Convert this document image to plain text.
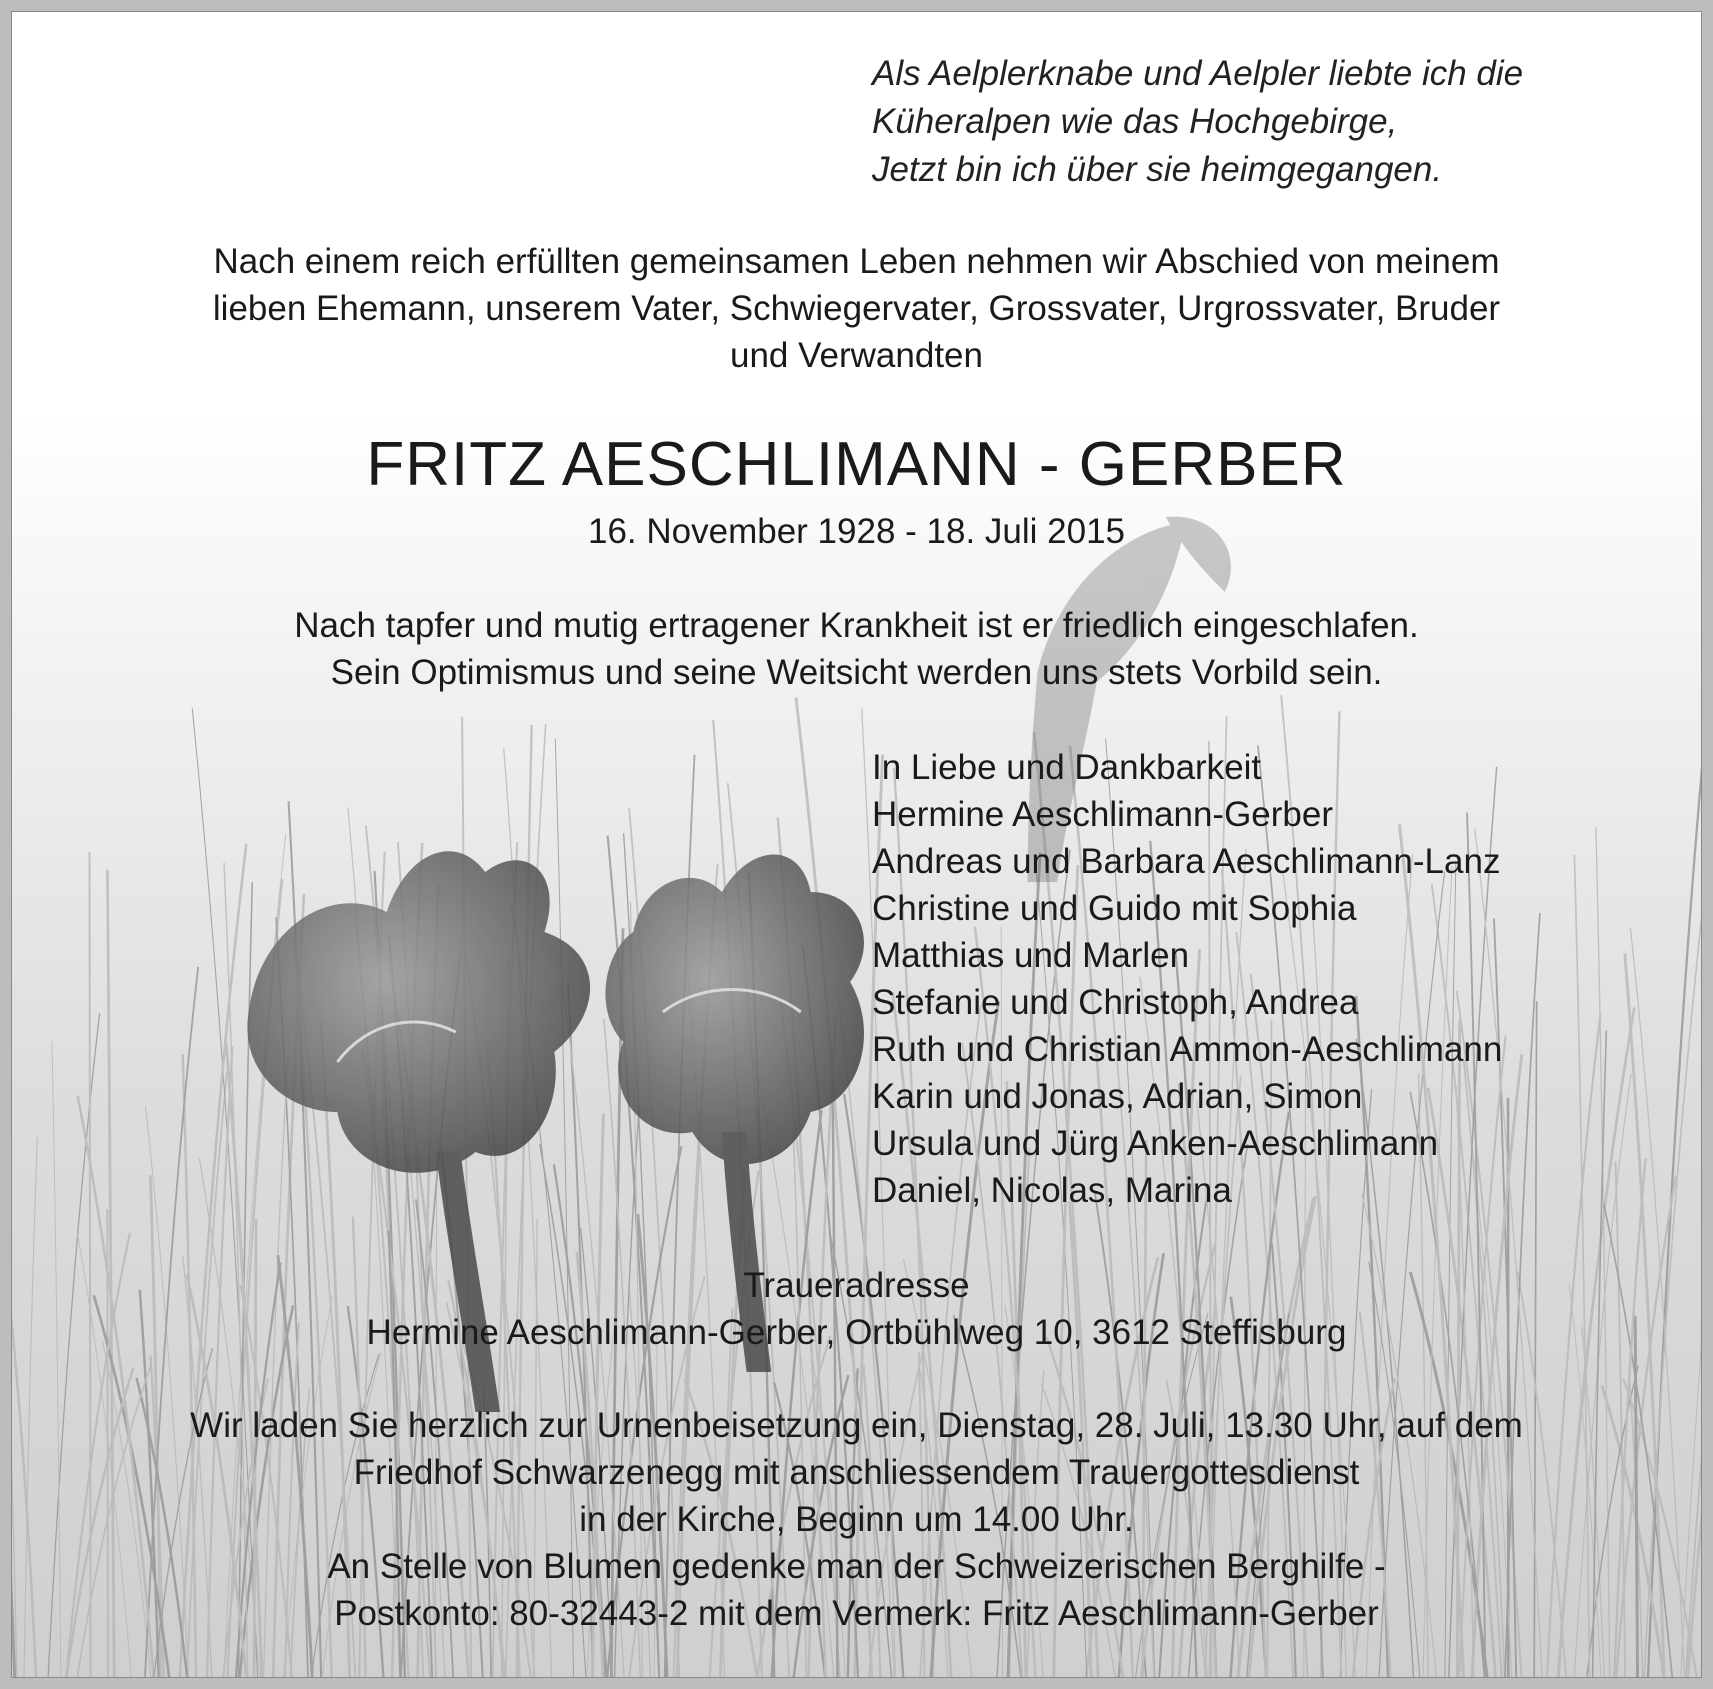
Als Aelplerknabe und Aelpler liebte ich die
Küheralpen wie das Hochgebirge,
Jetzt bin ich über sie heimgegangen.
Nach einem reich erfüllten gemeinsamen Leben nehmen wir Abschied von meinem
lieben Ehemann, unserem Vater, Schwiegervater, Grossvater, Urgrossvater, Bruder
und Verwandten
FRITZ AESCHLIMANN - GERBER
16. November 1928 - 18. Juli 2015
Nach tapfer und mutig ertragener Krankheit ist er friedlich eingeschlafen.
Sein Optimismus und seine Weitsicht werden uns stets Vorbild sein.
In Liebe und Dankbarkeit
Hermine Aeschlimann-Gerber
Andreas und Barbara Aeschlimann-Lanz
Christine und Guido mit Sophia
Matthias und Marlen
Stefanie und Christoph, Andrea
Ruth und Christian Ammon-Aeschlimann
Karin und Jonas, Adrian, Simon
Ursula und Jürg Anken-Aeschlimann
Daniel, Nicolas, Marina
Traueradresse
Hermine Aeschlimann-Gerber, Ortbühlweg 10, 3612 Steffisburg
Wir laden Sie herzlich zur Urnenbeisetzung ein, Dienstag, 28. Juli, 13.30 Uhr, auf dem
Friedhof Schwarzenegg mit anschliessendem Trauergottesdienst
in der Kirche, Beginn um 14.00 Uhr.
An Stelle von Blumen gedenke man der Schweizerischen Berghilfe -
Postkonto: 80-32443-2 mit dem Vermerk: Fritz Aeschlimann-Gerber
